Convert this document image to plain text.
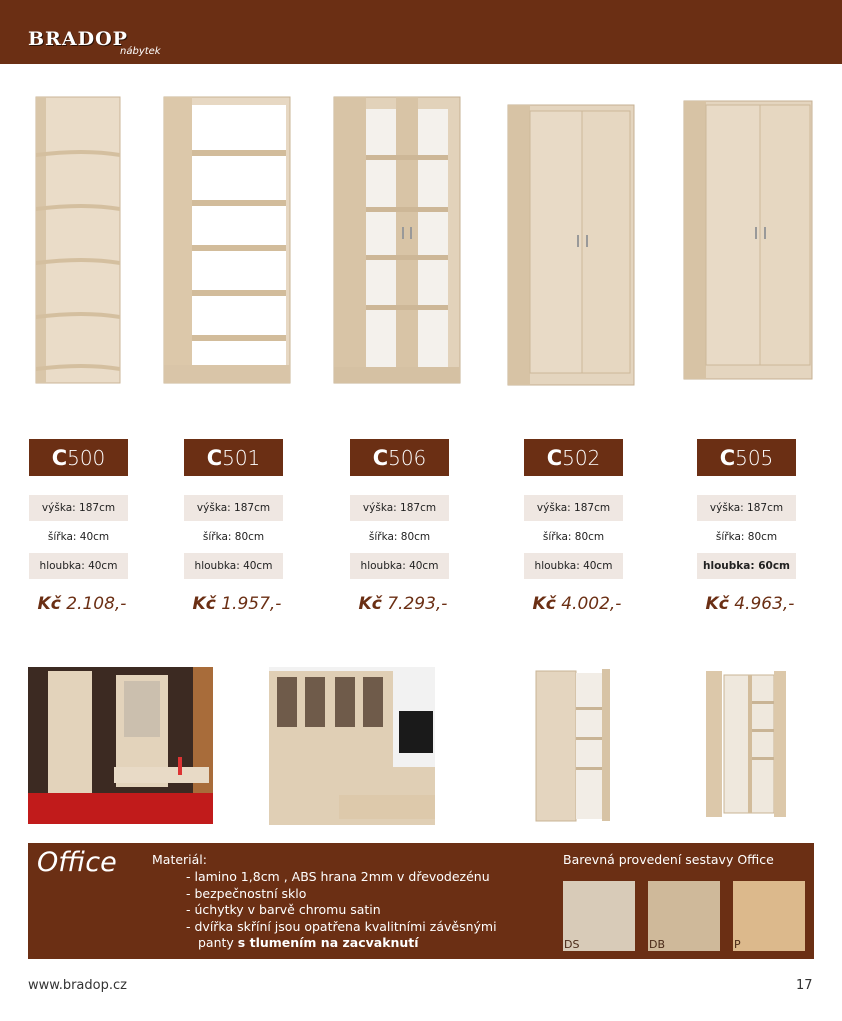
BRADOP
nábytek
C 500
výška: 187cm
šířka: 40cm
hloubka: 40cm
Kč 2.108,-
C 501
výška: 187cm
šířka: 80cm
hloubka: 40cm
Kč 1.957,-
C 506
výška: 187cm
šířka: 80cm
hloubka: 40cm
Kč 7.293,-
C 502
výška: 187cm
šířka: 80cm
hloubka: 40cm
Kč 4.002,-
C 505
výška: 187cm
šířka: 80cm
hloubka: 60cm
Kč 4.963,-
Office	Materiál:
- lamino 1,8cm , ABS hrana 2mm v dřevodezénu
- bezpečnostní sklo
- úchytky v barvě chromu satin
- dvířka skříní jsou opatřena kvalitními závěsnými
panty s tlumením na zacvaknutí
Barevná provedení sestavy Office
DS	DB	P
www.bradop.cz	17
